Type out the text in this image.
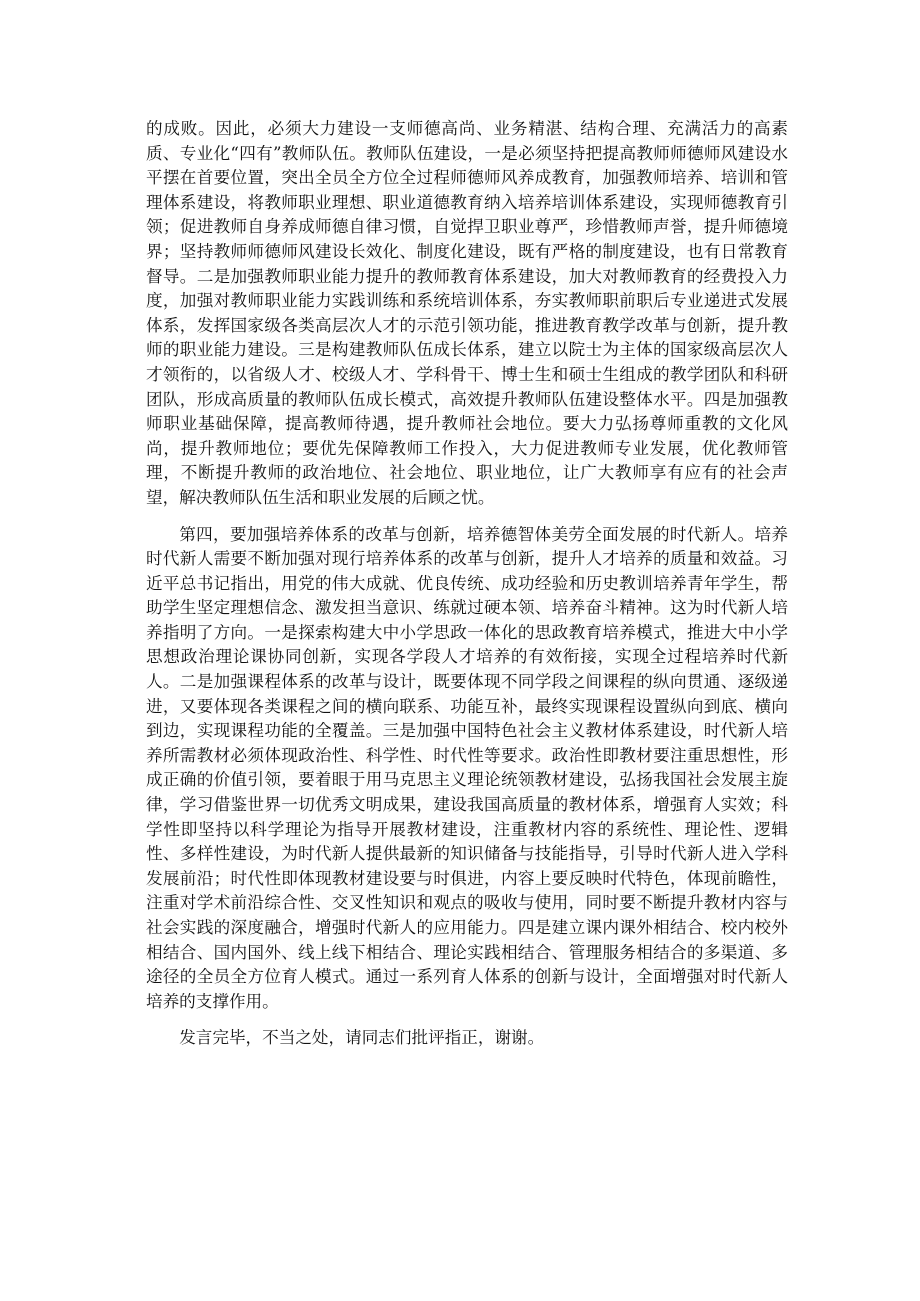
的成败。因此，必须大力建设一支师德高尚、业务精湛、结构合理、充满活力的高素质、专业化“四有”教师队伍。教师队伍建设，一是必须坚持把提高教师师德师风建设水平摆在首要位置，突出全员全方位全过程师德师风养成教育，加强教师培养、培训和管理体系建设，将教师职业理想、职业道德教育纳入培养培训体系建设，实现师德教育引领；促进教师自身养成师德自律习惯，自觉捍卫职业尊严，珍惜教师声誉，提升师德境界；坚持教师师德师风建设长效化、制度化建设，既有严格的制度建设，也有日常教育督导。二是加强教师职业能力提升的教师教育体系建设，加大对教师教育的经费投入力度，加强对教师职业能力实践训练和系统培训体系，夯实教师职前职后专业递进式发展体系，发挥国家级各类高层次人才的示范引领功能，推进教育教学改革与创新，提升教师的职业能力建设。三是构建教师队伍成长体系，建立以院士为主体的国家级高层次人才领衔的，以省级人才、校级人才、学科骨干、博士生和硕士生组成的教学团队和科研团队，形成高质量的教师队伍成长模式，高效提升教师队伍建设整体水平。四是加强教师职业基础保障，提高教师待遇，提升教师社会地位。要大力弘扬尊师重教的文化风尚，提升教师地位；要优先保障教师工作投入，大力促进教师专业发展，优化教师管理，不断提升教师的政治地位、社会地位、职业地位，让广大教师享有应有的社会声望，解决教师队伍生活和职业发展的后顾之忧。

第四，要加强培养体系的改革与创新，培养德智体美劳全面发展的时代新人。培养时代新人需要不断加强对现行培养体系的改革与创新，提升人才培养的质量和效益。习近平总书记指出，用党的伟大成就、优良传统、成功经验和历史教训培养青年学生，帮助学生坚定理想信念、激发担当意识、练就过硬本领、培养奋斗精神。这为时代新人培养指明了方向。一是探索构建大中小学思政一体化的思政教育培养模式，推进大中小学思想政治理论课协同创新，实现各学段人才培养的有效衔接，实现全过程培养时代新人。二是加强课程体系的改革与设计，既要体现不同学段之间课程的纵向贯通、逐级递进，又要体现各类课程之间的横向联系、功能互补，最终实现课程设置纵向到底、横向到边，实现课程功能的全覆盖。三是加强中国特色社会主义教材体系建设，时代新人培养所需教材必须体现政治性、科学性、时代性等要求。政治性即教材要注重思想性，形成正确的价值引领，要着眼于用马克思主义理论统领教材建设，弘扬我国社会发展主旋律，学习借鉴世界一切优秀文明成果，建设我国高质量的教材体系，增强育人实效；科学性即坚持以科学理论为指导开展教材建设，注重教材内容的系统性、理论性、逻辑性、多样性建设，为时代新人提供最新的知识储备与技能指导，引导时代新人进入学科发展前沿；时代性即体现教材建设要与时俱进，内容上要反映时代特色，体现前瞻性，注重对学术前沿综合性、交叉性知识和观点的吸收与使用，同时要不断提升教材内容与社会实践的深度融合，增强时代新人的应用能力。四是建立课内课外相结合、校内校外相结合、国内国外、线上线下相结合、理论实践相结合、管理服务相结合的多渠道、多途径的全员全方位育人模式。通过一系列育人体系的创新与设计，全面增强对时代新人培养的支撑作用。

发言完毕，不当之处，请同志们批评指正，谢谢。
